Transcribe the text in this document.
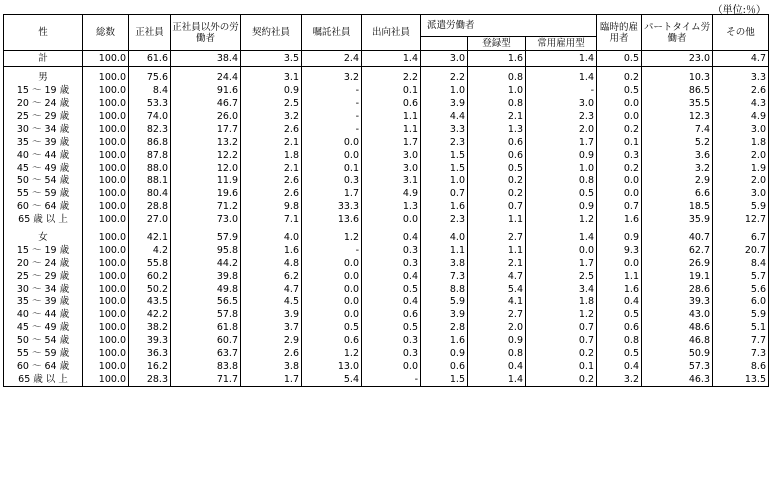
（単位:％）
性	総数	正社員	正社員以外の労働者	契約社員	嘱託社員	出向社員	派遣労働者			臨時的雇用者	パートタイム労働者	その他
								登録型	常用雇用型			
計	100.0	61.6	38.4	3.5	2.4	1.4	3.0	1.6	1.4	0.5	23.0	4.7
男	100.0	75.6	24.4	3.1	3.2	2.2	2.2	0.8	1.4	0.2	10.3	3.3
15 ～ 19 歳	100.0	8.4	91.6	0.9	-	0.1	1.0	1.0	-	0.5	86.5	2.6
20 ～ 24 歳	100.0	53.3	46.7	2.5	-	0.6	3.9	0.8	3.0	0.0	35.5	4.3
25 ～ 29 歳	100.0	74.0	26.0	3.2	-	1.1	4.4	2.1	2.3	0.0	12.3	4.9
30 ～ 34 歳	100.0	82.3	17.7	2.6	-	1.1	3.3	1.3	2.0	0.2	7.4	3.0
35 ～ 39 歳	100.0	86.8	13.2	2.1	0.0	1.7	2.3	0.6	1.7	0.1	5.2	1.8
40 ～ 44 歳	100.0	87.8	12.2	1.8	0.0	3.0	1.5	0.6	0.9	0.3	3.6	2.0
45 ～ 49 歳	100.0	88.0	12.0	2.1	0.1	3.0	1.5	0.5	1.0	0.2	3.2	1.9
50 ～ 54 歳	100.0	88.1	11.9	2.6	0.3	3.1	1.0	0.2	0.8	0.0	2.9	2.0
55 ～ 59 歳	100.0	80.4	19.6	2.6	1.7	4.9	0.7	0.2	0.5	0.0	6.6	3.0
60 ～ 64 歳	100.0	28.8	71.2	9.8	33.3	1.3	1.6	0.7	0.9	0.7	18.5	5.9
65 歳 以 上	100.0	27.0	73.0	7.1	13.6	0.0	2.3	1.1	1.2	1.6	35.9	12.7
女	100.0	42.1	57.9	4.0	1.2	0.4	4.0	2.7	1.4	0.9	40.7	6.7
15 ～ 19 歳	100.0	4.2	95.8	1.6	-	0.3	1.1	1.1	0.0	9.3	62.7	20.7
20 ～ 24 歳	100.0	55.8	44.2	4.8	0.0	0.3	3.8	2.1	1.7	0.0	26.9	8.4
25 ～ 29 歳	100.0	60.2	39.8	6.2	0.0	0.4	7.3	4.7	2.5	1.1	19.1	5.7
30 ～ 34 歳	100.0	50.2	49.8	4.7	0.0	0.5	8.8	5.4	3.4	1.6	28.6	5.6
35 ～ 39 歳	100.0	43.5	56.5	4.5	0.0	0.4	5.9	4.1	1.8	0.4	39.3	6.0
40 ～ 44 歳	100.0	42.2	57.8	3.9	0.0	0.6	3.9	2.7	1.2	0.5	43.0	5.9
45 ～ 49 歳	100.0	38.2	61.8	3.7	0.5	0.5	2.8	2.0	0.7	0.6	48.6	5.1
50 ～ 54 歳	100.0	39.3	60.7	2.9	0.6	0.3	1.6	0.9	0.7	0.8	46.8	7.7
55 ～ 59 歳	100.0	36.3	63.7	2.6	1.2	0.3	0.9	0.8	0.2	0.5	50.9	7.3
60 ～ 64 歳	100.0	16.2	83.8	3.8	13.0	0.0	0.6	0.4	0.1	0.4	57.3	8.6
65 歳 以 上	100.0	28.3	71.7	1.7	5.4	-	1.5	1.4	0.2	3.2	46.3	13.5
